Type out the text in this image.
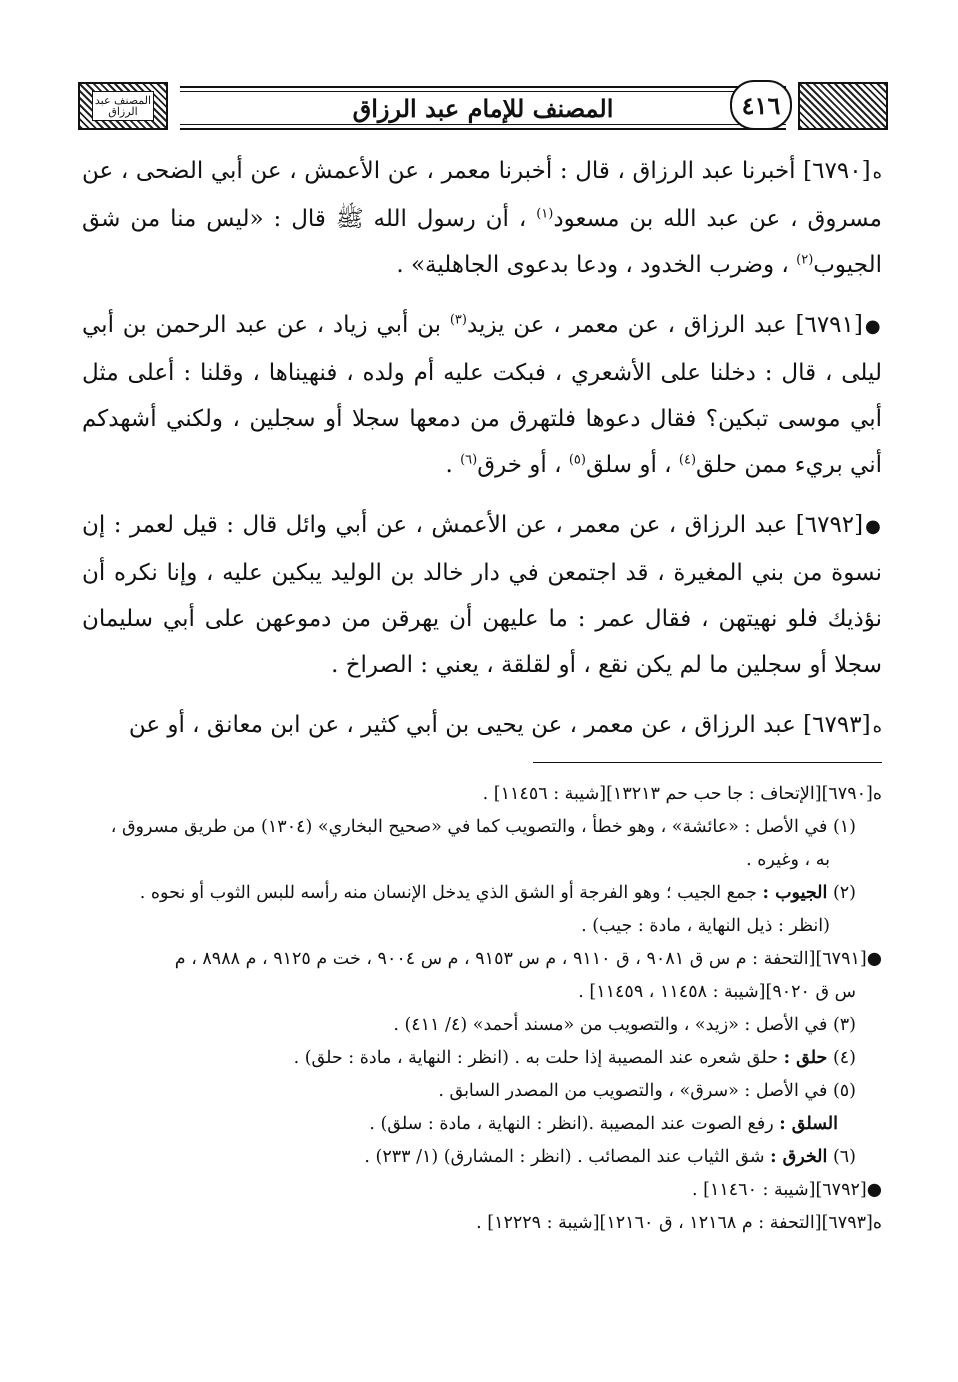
المصنف عبد الرزاق	المصنف للإمام عبد الرزاق	٤١٦

ه[٦٧٩٠] أخبرنا عبد الرزاق ، قال : أخبرنا معمر ، عن الأعمش ، عن أبي الضحى ، عن مسروق ، عن عبد الله بن مسعود$^{(١)}$ ، أن رسول الله ﷺ قال : «ليس منا من شق الجيوب$^{(٢)}$ ، وضرب الخدود ، ودعا بدعوى الجاهلية» .

●[٦٧٩١] عبد الرزاق ، عن معمر ، عن يزيد$^{(٣)}$ بن أبي زياد ، عن عبد الرحمن بن أبي ليلى ، قال : دخلنا على الأشعري ، فبكت عليه أم ولده ، فنهيناها ، وقلنا : أعلى مثل أبي موسى تبكين؟ فقال دعوها فلتهرق من دمعها سجلا أو سجلين ، ولكني أشهدكم أني بريء ممن حلق$^{(٤)}$ ، أو سلق$^{(٥)}$ ، أو خرق$^{(٦)}$ .

●[٦٧٩٢] عبد الرزاق ، عن معمر ، عن الأعمش ، عن أبي وائل قال : قيل لعمر : إن نسوة من بني المغيرة ، قد اجتمعن في دار خالد بن الوليد يبكين عليه ، وإنا نكره أن نؤذيك فلو نهيتهن ، فقال عمر : ما عليهن أن يهرقن من دموعهن على أبي سليمان سجلا أو سجلين ما لم يكن نقع ، أو لقلقة ، يعني : الصراخ .

ه[٦٧٩٣] عبد الرزاق ، عن معمر ، عن يحيى بن أبي كثير ، عن ابن معانق ، أو عن

ه[٦٧٩٠][الإتحاف : جا حب حم ١٣٢١٣][شيبة : ١١٤٥٦] .

(١) في الأصل : «عائشة» ، وهو خطأ ، والتصويب كما في «صحيح البخاري» (١٣٠٤) من طريق مسروق ،
به ، وغيره .

(٢) الجيوب : جمع الجيب ؛ وهو الفرجة أو الشق الذي يدخل الإنسان منه رأسه للبس الثوب أو نحوه .
(انظر : ذيل النهاية ، مادة : جيب) .

●[٦٧٩١][التحفة : م س ق ٩٠٨١ ، ق ٩١١٠ ، م س ٩١٥٣ ، م س ٩٠٠٤ ، خت م ٩١٢٥ ، م ٨٩٨٨ ، م
س ق ٩٠٢٠][شيبة : ١١٤٥٨ ، ١١٤٥٩] .

(٣) في الأصل : «زيد» ، والتصويب من «مسند أحمد» (٤/ ٤١١) .

(٤) حلق : حلق شعره عند المصيبة إذا حلت به . (انظر : النهاية ، مادة : حلق) .

(٥) في الأصل : «سرق» ، والتصويب من المصدر السابق .

السلق : رفع الصوت عند المصيبة .(انظر : النهاية ، مادة : سلق) .

(٦) الخرق : شق الثياب عند المصائب . (انظر : المشارق) (١/ ٢٣٣) .

●[٦٧٩٢][شيبة : ١١٤٦٠] .

ه[٦٧٩٣][التحفة : م ١٢١٦٨ ، ق ١٢١٦٠][شيبة : ١٢٢٢٩] .
